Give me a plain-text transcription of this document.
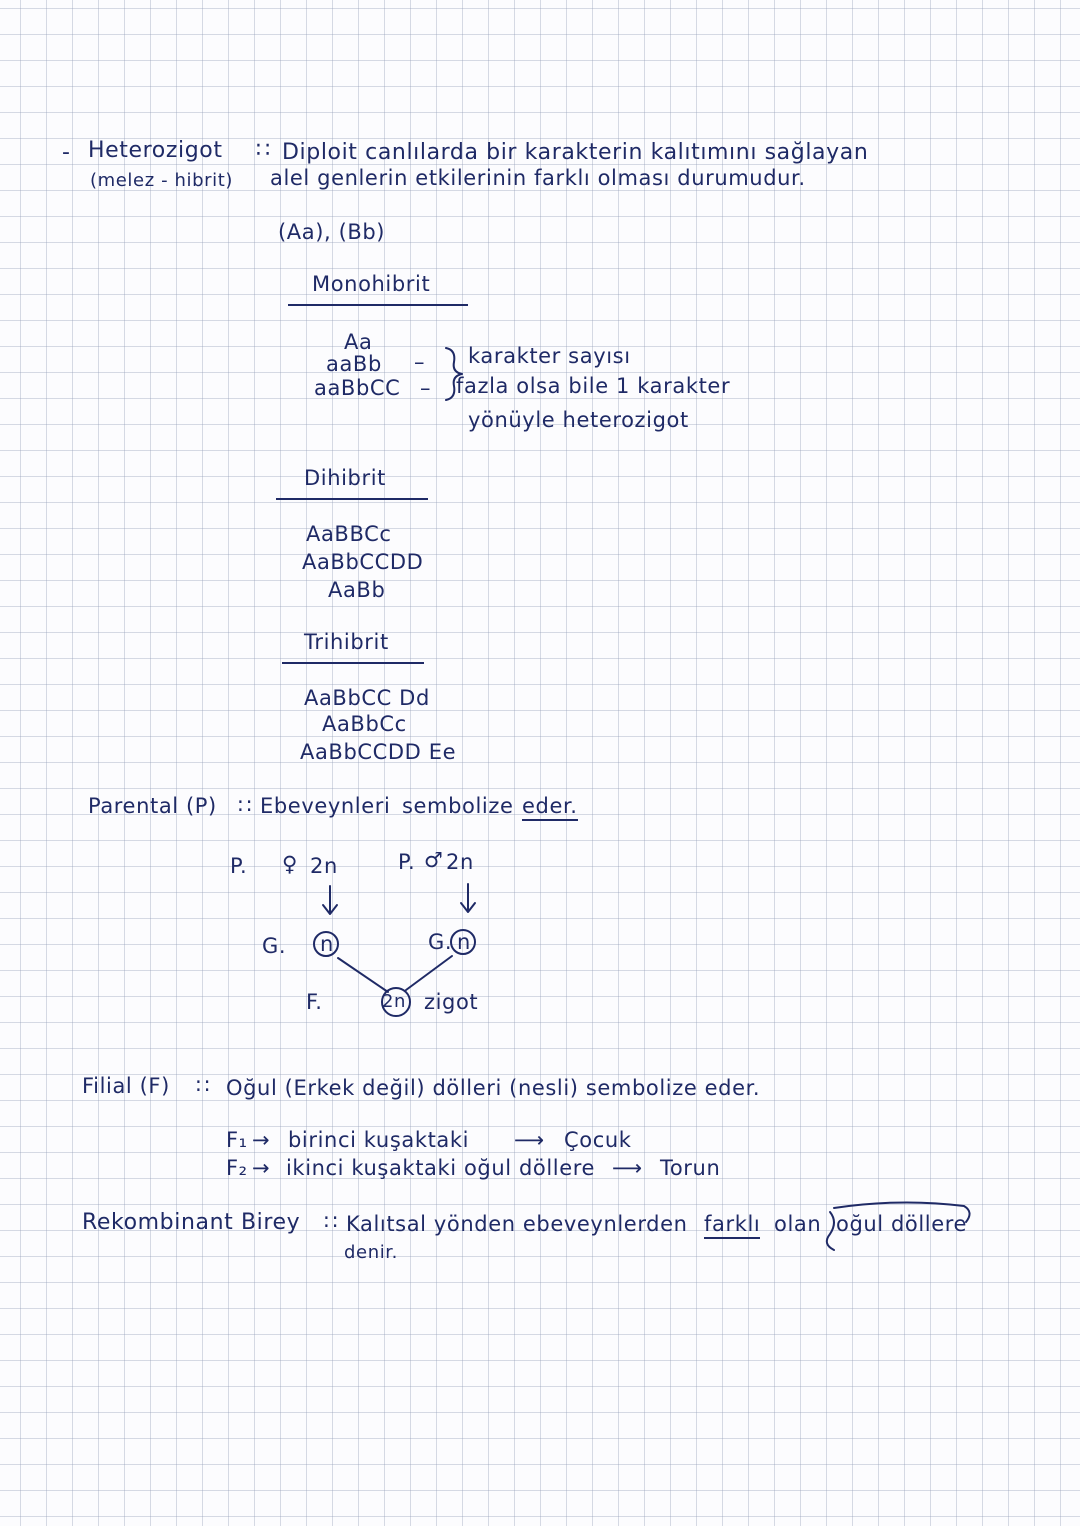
- Heterozigot ∷ Diploit canlılarda bir karakterin kalıtımını sağlayan
(melez - hibrit) alel genlerin etkilerinin farklı olması durumudur.
(Aa), (Bb)
Monohibrit
Aa
aaBb
aaBbCC
–
–
karakter sayısı
fazla olsa bile 1 karakter
yönüyle heterozigot
Dihibrit
AaBBCc
AaBbCCDD
AaBb
Trihibrit
AaBbCC Dd
AaBbCc
AaBbCCDD Ee
Parental (P) ∷ Ebeveynleri sembolize eder.
P. ♀ 2n	P. ♂ 2n
G. n	G. n
F.	2n zigot
Filial (F) ∷ Oğul (Erkek değil) dölleri (nesli) sembolize eder.
F₁ → birinci kuşaktaki ⟶ Çocuk
F₂ → ikinci kuşaktaki oğul döllere ⟶ Torun
Rekombinant Birey ∷ Kalıtsal yönden ebeveynlerden farklı olan oğul döllere
denir.
